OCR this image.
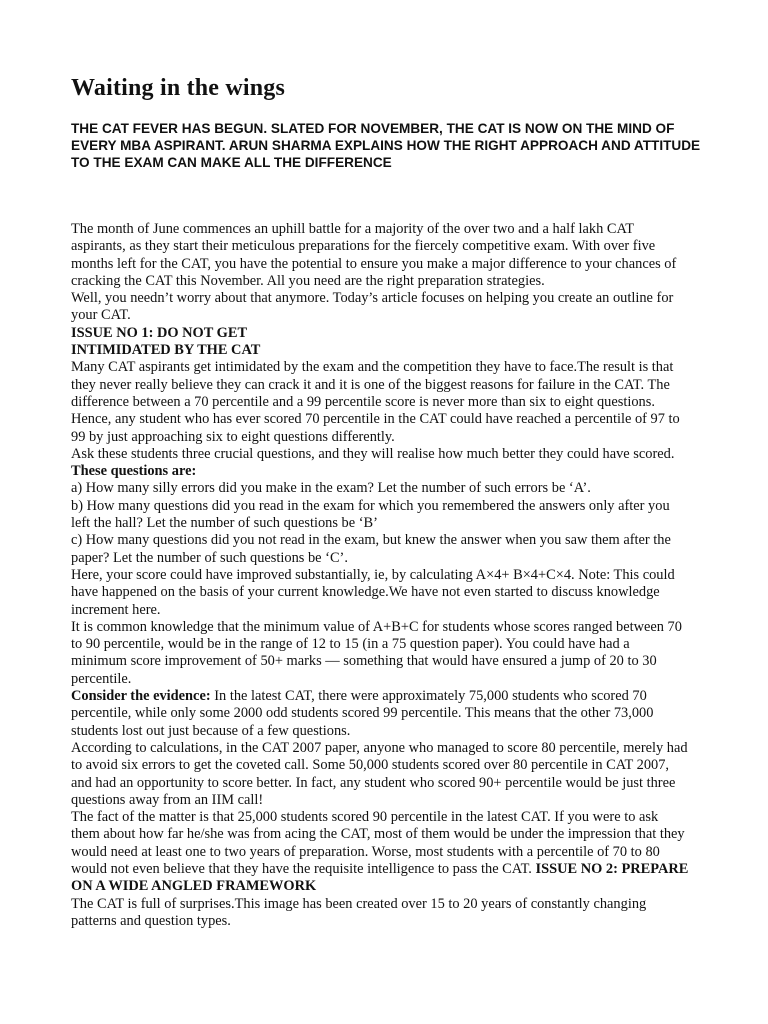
Waiting in the wings

THE CAT FEVER HAS BEGUN. SLATED FOR NOVEMBER, THE CAT IS NOW ON THE MIND OF EVERY MBA ASPIRANT. ARUN SHARMA EXPLAINS HOW THE RIGHT APPROACH AND ATTITUDE TO THE EXAM CAN MAKE ALL THE DIFFERENCE

The month of June commences an uphill battle for a majority of the over two and a half lakh CAT aspirants, as they start their meticulous preparations for the fiercely competitive exam. With over five months left for the CAT, you have the potential to ensure you make a major difference to your chances of cracking the CAT this November. All you need are the right preparation strategies.

Well, you needn’t worry about that anymore. Today’s article focuses on helping you create an outline for your CAT.

ISSUE NO 1: DO NOT GET

INTIMIDATED BY THE CAT

Many CAT aspirants get intimidated by the exam and the competition they have to face.The result is that they never really believe they can crack it and it is one of the biggest reasons for failure in the CAT. The difference between a 70 percentile and a 99 percentile score is never more than six to eight questions. Hence, any student who has ever scored 70 percentile in the CAT could have reached a percentile of 97 to 99 by just approaching six to eight questions differently.

Ask these students three crucial questions, and they will realise how much better they could have scored.

These questions are:

a) How many silly errors did you make in the exam? Let the number of such errors be ‘A’.

b) How many questions did you read in the exam for which you remembered the answers only after you left the hall? Let the number of such questions be ‘B’

c) How many questions did you not read in the exam, but knew the answer when you saw them after the paper? Let the number of such questions be ‘C’.

Here, your score could have improved substantially, ie, by calculating A×4+ B×4+C×4. Note: This could have happened on the basis of your current knowledge.We have not even started to discuss knowledge increment here.

It is common knowledge that the minimum value of A+B+C for students whose scores ranged between 70 to 90 percentile, would be in the range of 12 to 15 (in a 75 question paper). You could have had a minimum score improvement of 50+ marks — something that would have ensured a jump of 20 to 30 percentile.

Consider the evidence: In the latest CAT, there were approximately 75,000 students who scored 70 percentile, while only some 2000 odd students scored 99 percentile. This means that the other 73,000 students lost out just because of a few questions.

According to calculations, in the CAT 2007 paper, anyone who managed to score 80 percentile, merely had to avoid six errors to get the coveted call. Some 50,000 students scored over 80 percentile in CAT 2007, and had an opportunity to score better. In fact, any student who scored 90+ percentile would be just three questions away from an IIM call!

The fact of the matter is that 25,000 students scored 90 percentile in the latest CAT. If you were to ask them about how far he/she was from acing the CAT, most of them would be under the impression that they would need at least one to two years of preparation. Worse, most students with a percentile of 70 to 80 would not even believe that they have the requisite intelligence to pass the CAT. ISSUE NO 2: PREPARE ON A WIDE ANGLED FRAMEWORK

The CAT is full of surprises.This image has been created over 15 to 20 years of constantly changing patterns and question types.
